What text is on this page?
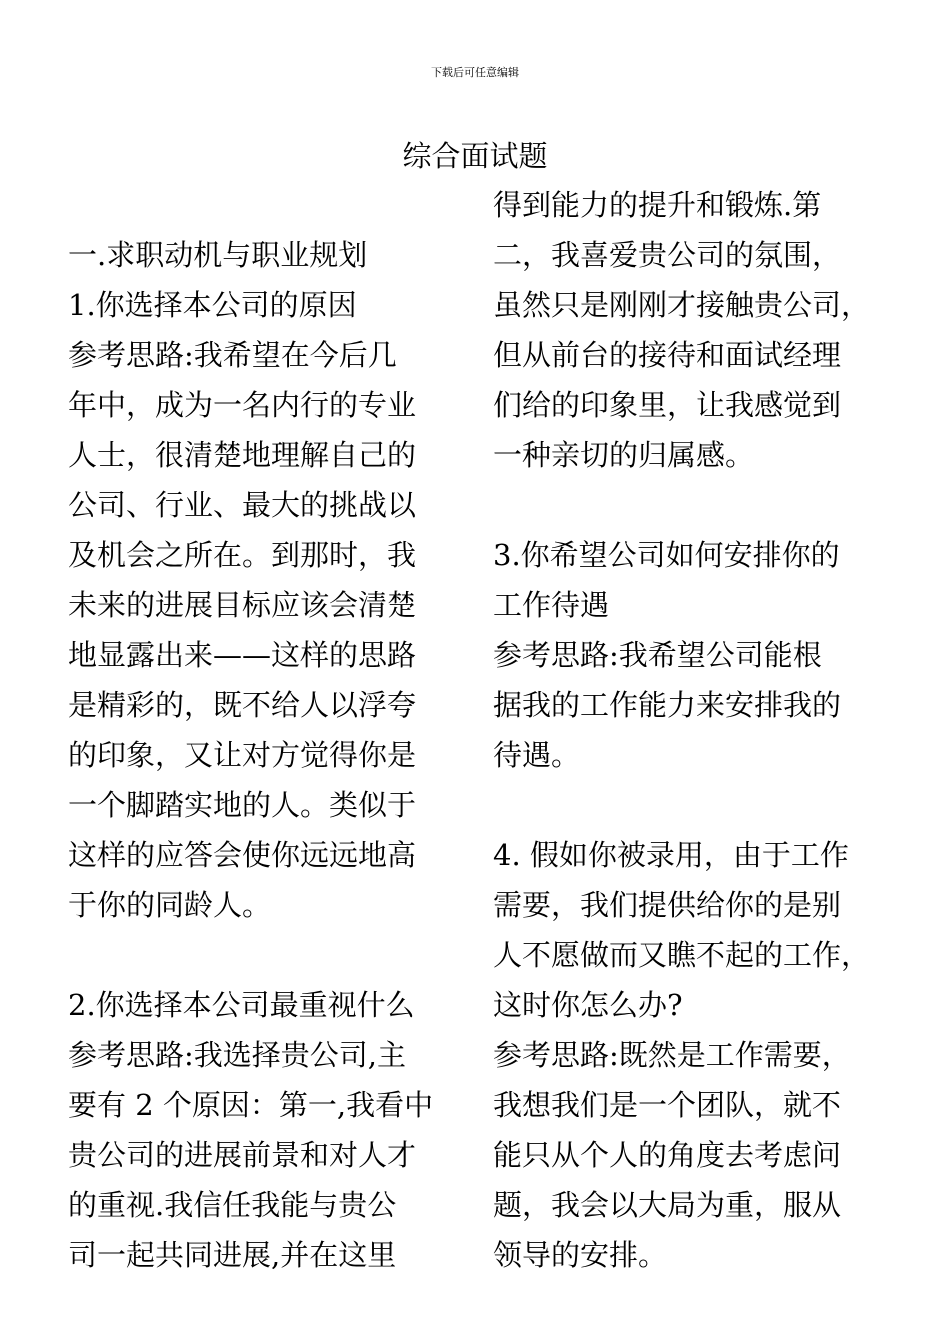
下载后可任意编辑
综合面试题
一.求职动机与职业规划
1.你选择本公司的原因
参考思路:我希望在今后几
年中，成为一名内行的专业
人士，很清楚地理解自己的
公司、行业、最大的挑战以
及机会之所在。到那时，我
未来的进展目标应该会清楚
地显露出来——这样的思路
是精彩的，既不给人以浮夸
的印象，又让对方觉得你是
一个脚踏实地的人。类似于
这样的应答会使你远远地高
于你的同龄人。
2.你选择本公司最重视什么
参考思路:我选择贵公司,主
要有 2 个原因：第一,我看中
贵公司的进展前景和对人才
的重视.我信任我能与贵公
司一起共同进展,并在这里
得到能力的提升和锻炼.第
二，我喜爱贵公司的氛围，
虽然只是刚刚才接触贵公司，
但从前台的接待和面试经理
们给的印象里，让我感觉到
一种亲切的归属感。
3.你希望公司如何安排你的
工作待遇
参考思路:我希望公司能根
据我的工作能力来安排我的
待遇。
4. 假如你被录用，由于工作
需要，我们提供给你的是别
人不愿做而又瞧不起的工作，
这时你怎么办?
参考思路:既然是工作需要，
我想我们是一个团队，就不
能只从个人的角度去考虑问
题，我会以大局为重，服从
领导的安排。
